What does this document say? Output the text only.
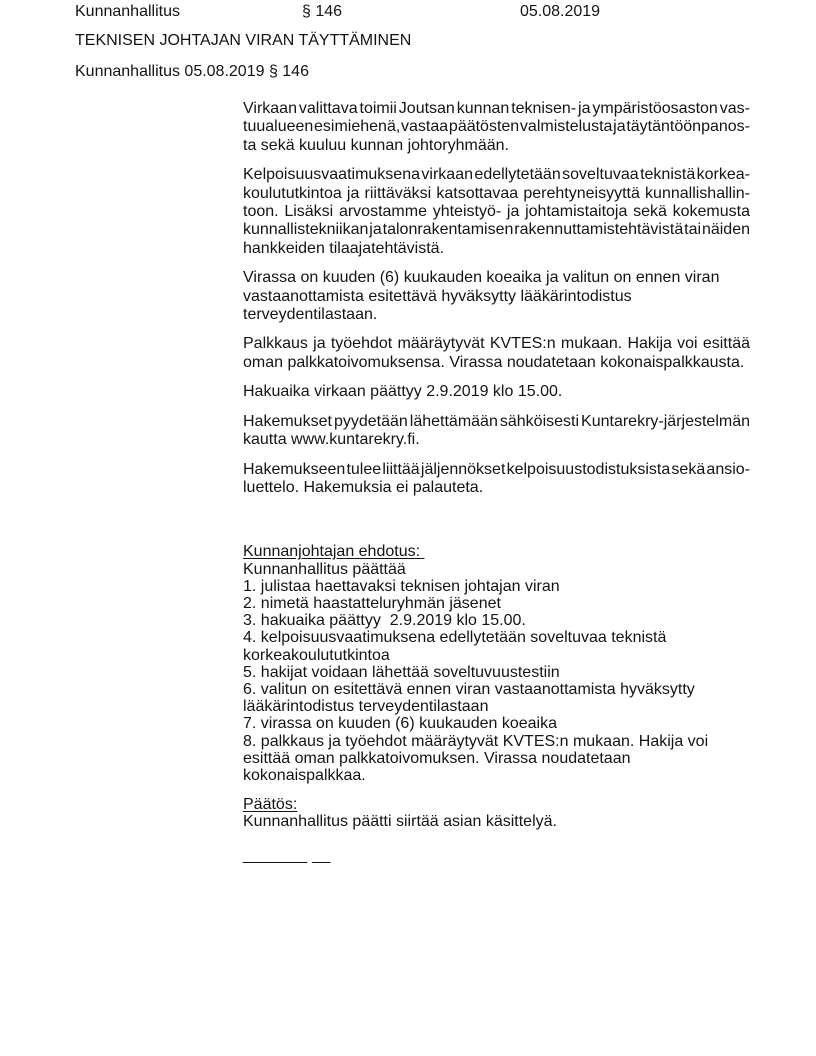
Kunnanhallitus	§ 146	05.08.2019
TEKNISEN JOHTAJAN VIRAN TÄYTTÄMINEN
Kunnanhallitus 05.08.2019 § 146
Virkaan valittava toimii Joutsan kunnan teknisen- ja ympäristöosaston vas-
tuualueen esimiehenä, vastaa päätösten valmistelusta ja täytäntöönpanos-
ta sekä kuuluu kunnan johtoryhmään.
Kelpoisuusvaatimuksena virkaan edellytetään soveltuvaa teknistä korkea-
koulututkintoa ja riittäväksi katsottavaa perehtyneisyyttä kunnallishallin-
toon. Lisäksi arvostamme yhteistyö- ja johtamistaitoja sekä kokemusta
kunnallistekniikan ja talonrakentamisen rakennuttamistehtävistä tai näiden
hankkeiden tilaajatehtävistä.
Virassa on kuuden (6) kuukauden koeaika ja valitun on ennen viran
vastaanottamista esitettävä hyväksytty lääkärintodistus terveydentilastaan.
Palkkaus ja työehdot määräytyvät KVTES:n mukaan. Hakija voi esittää
oman palkkatoivomuksensa. Virassa noudatetaan kokonaispalkkausta.
Hakuaika virkaan päättyy 2.9.2019 klo 15.00.
Hakemukset pyydetään lähettämään sähköisesti Kuntarekry-järjestelmän
kautta www.kuntarekry.fi.
Hakemukseen tulee liittää jäljennökset kelpoisuustodistuksista sekä ansio-
luettelo. Hakemuksia ei palauteta.
Kunnanjohtajan ehdotus:
Kunnanhallitus päättää
1. julistaa haettavaksi teknisen johtajan viran
2. nimetä haastatteluryhmän jäsenet
3. hakuaika päättyy  2.9.2019 klo 15.00.
4. kelpoisuusvaatimuksena edellytetään soveltuvaa teknistä
korkeakoulututkintoa
5. hakijat voidaan lähettää soveltuvuustestiin
6. valitun on esitettävä ennen viran vastaanottamista hyväksytty
lääkärintodistus terveydentilastaan
7. virassa on kuuden (6) kuukauden koeaika
8. palkkaus ja työehdot määräytyvät KVTES:n mukaan. Hakija voi
esittää oman palkkatoivomuksen. Virassa noudatetaan kokonaispalkkaa.
Päätös:
Kunnanhallitus päätti siirtää asian käsittelyä.
_______ __
